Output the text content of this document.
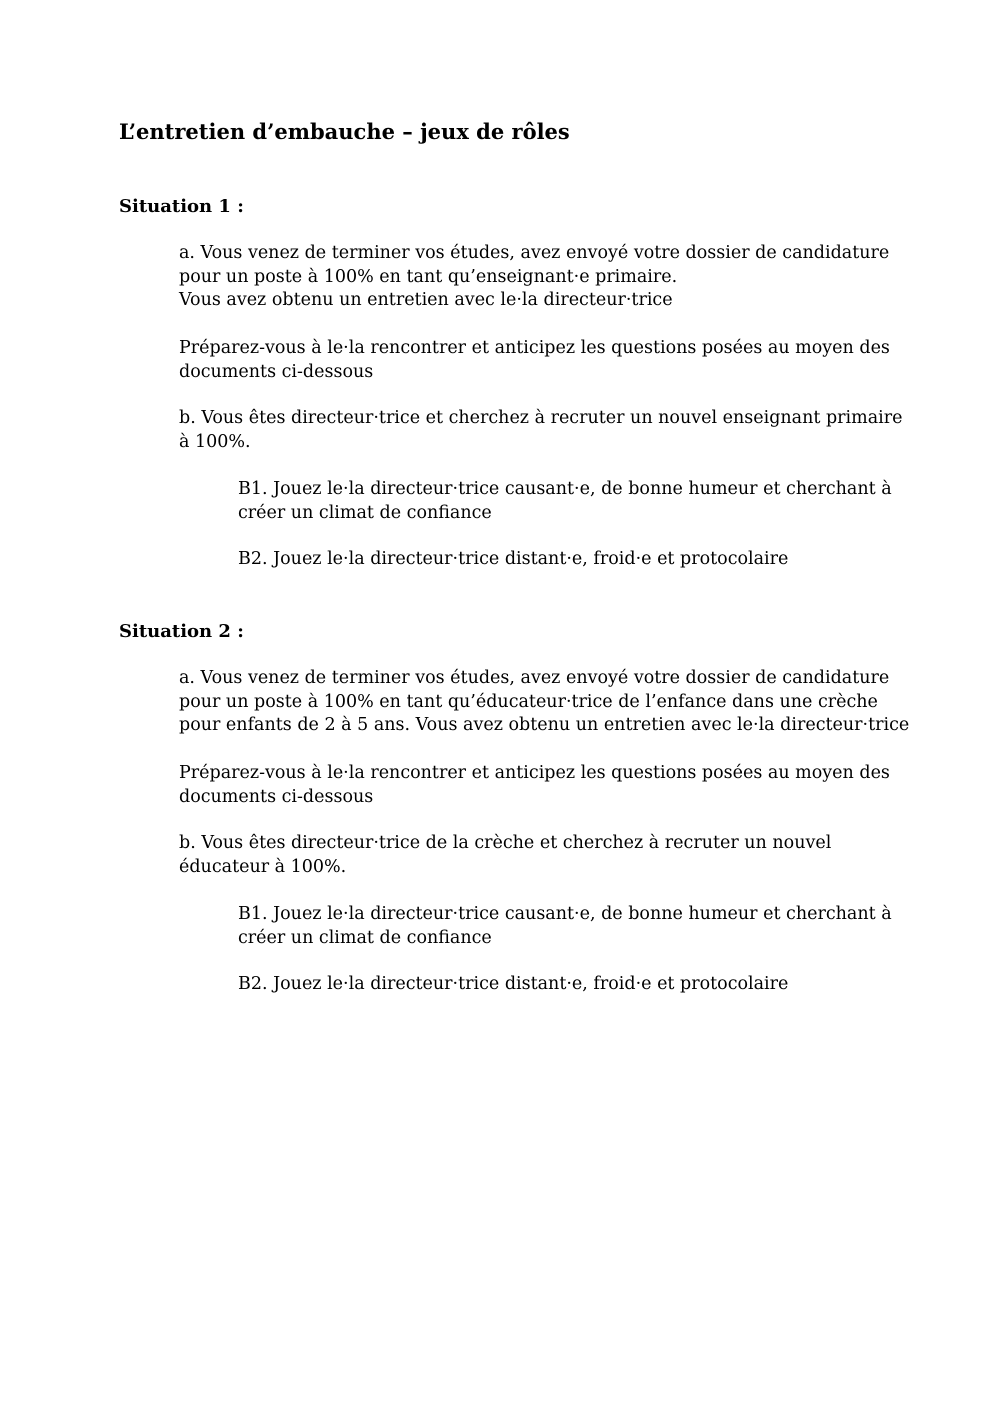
L’entretien d’embauche – jeux de rôles
Situation 1 :
a. Vous venez de terminer vos études, avez envoyé votre dossier de candidature
pour un poste à 100% en tant qu’enseignant·e primaire.
Vous avez obtenu un entretien avec le·la directeur·trice
Préparez-vous à le·la rencontrer et anticipez les questions posées au moyen des
documents ci-dessous
b. Vous êtes directeur·trice et cherchez à recruter un nouvel enseignant primaire
à 100%.
B1. Jouez le·la directeur·trice causant·e, de bonne humeur et cherchant à
créer un climat de confiance
B2. Jouez le·la directeur·trice distant·e, froid·e et protocolaire
Situation 2 :
a. Vous venez de terminer vos études, avez envoyé votre dossier de candidature
pour un poste à 100% en tant qu’éducateur·trice de l’enfance dans une crèche
pour enfants de 2 à 5 ans. Vous avez obtenu un entretien avec le·la directeur·trice
Préparez-vous à le·la rencontrer et anticipez les questions posées au moyen des
documents ci-dessous
b. Vous êtes directeur·trice de la crèche et cherchez à recruter un nouvel
éducateur à 100%.
B1. Jouez le·la directeur·trice causant·e, de bonne humeur et cherchant à
créer un climat de confiance
B2. Jouez le·la directeur·trice distant·e, froid·e et protocolaire
